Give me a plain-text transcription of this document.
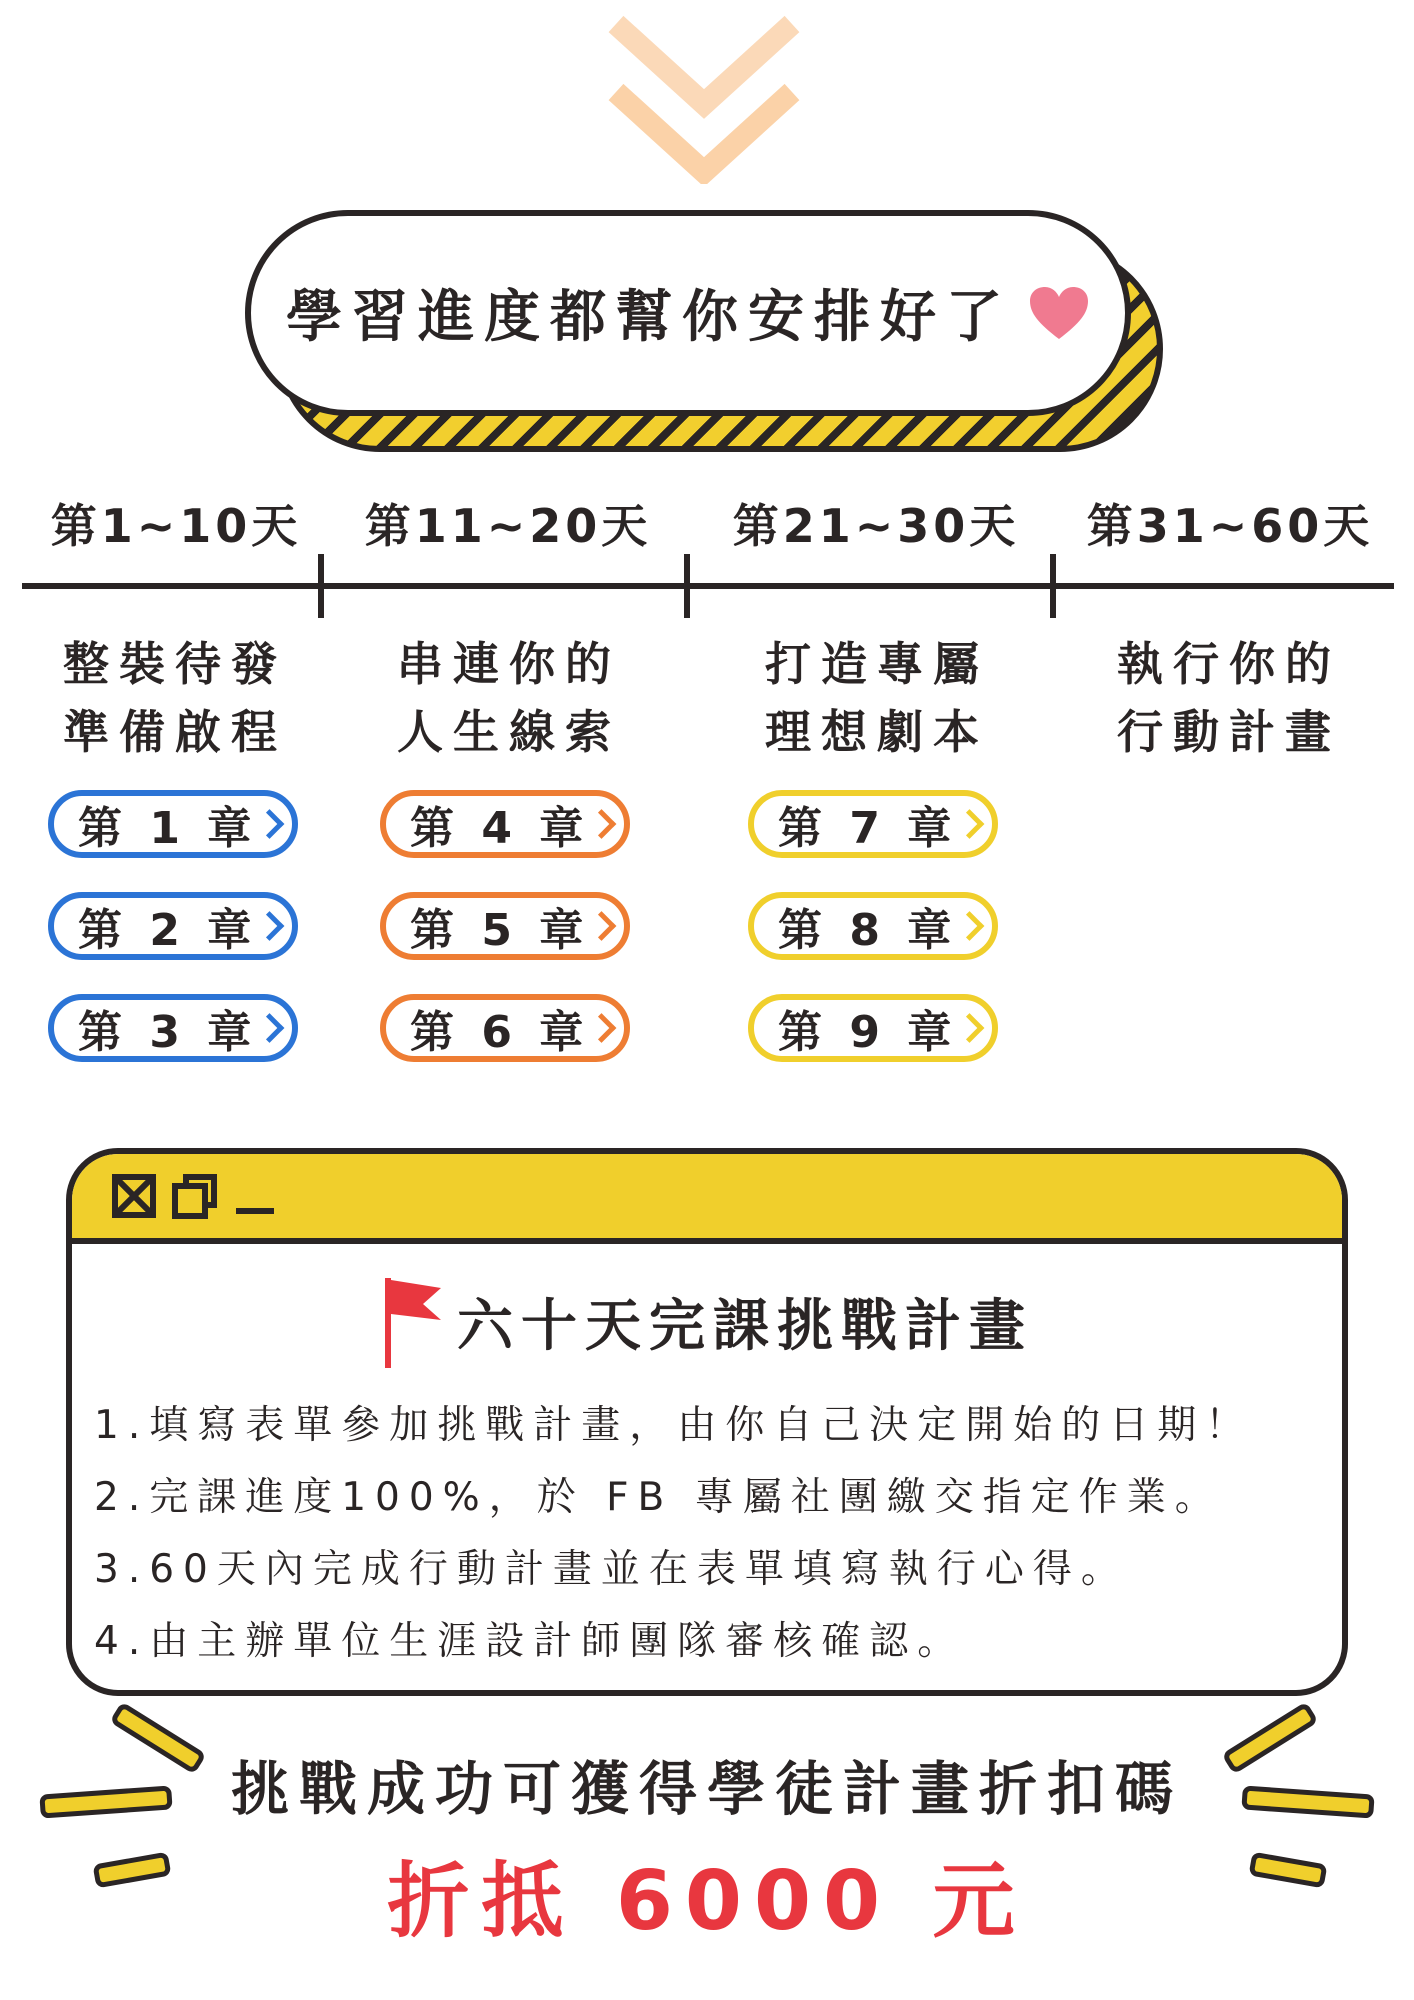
學習進度都幫你安排好了
第1~10天	第11~20天 第21~30天 第31~60天
整裝待發
準備啟程
串連你的
人生線索
打造專屬
理想劇本
執行你的
行動計畫
第 1 章
第 2 章
第 3 章
第 4 章
第 5 章
第 6 章
第 7 章
第 8 章
第 9 章
六十天完課挑戰計畫
1.填寫表單參加挑戰計畫，由你自己決定開始的日期！
2.完課進度100%，於 FB 專屬社團繳交指定作業。
3.60天內完成行動計畫並在表單填寫執行心得。
4.由主辦單位生涯設計師團隊審核確認。
挑戰成功可獲得學徒計畫折扣碼
折抵 6000 元
